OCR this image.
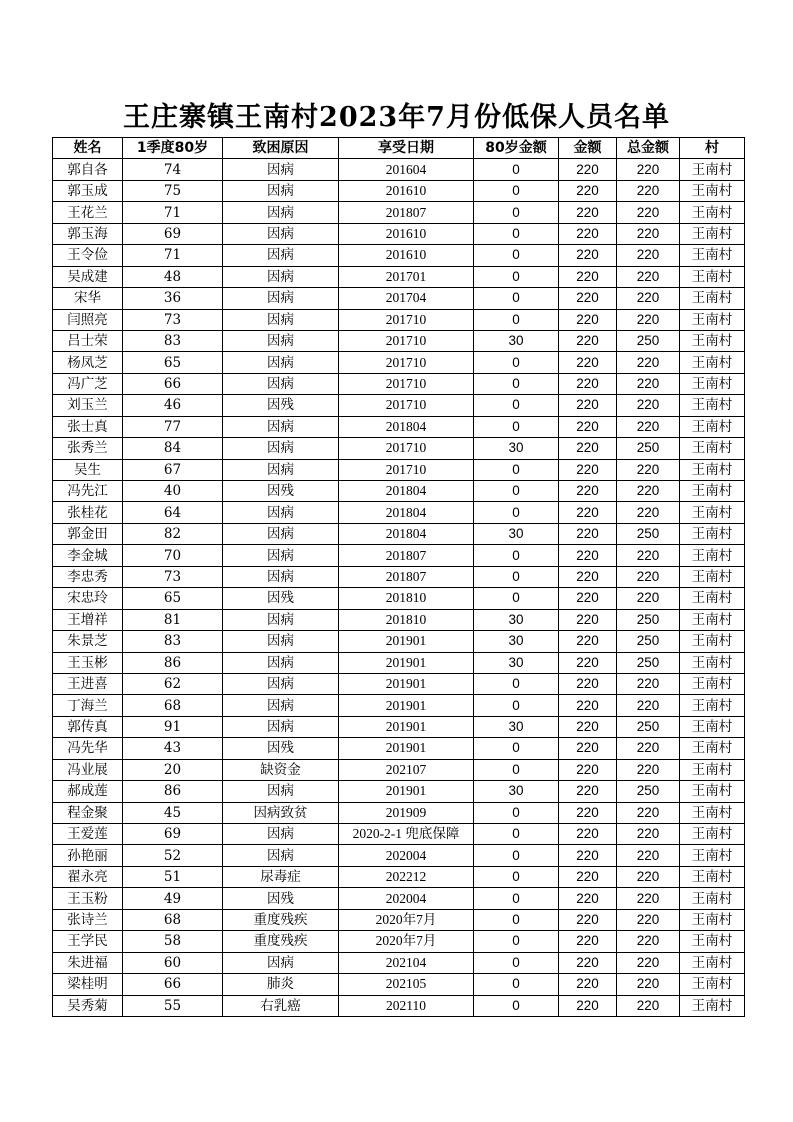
王庄寨镇王南村2023年7月份低保人员名单
姓名	1季度80岁	致困原因	享受日期	80岁金额	金额	总金额	村
郭自各	74	因病	201604	0	220	220	王南村
郭玉成	75	因病	201610	0	220	220	王南村
王花兰	71	因病	201807	0	220	220	王南村
郭玉海	69	因病	201610	0	220	220	王南村
王令俭	71	因病	201610	0	220	220	王南村
吴成建	48	因病	201701	0	220	220	王南村
宋华	36	因病	201704	0	220	220	王南村
闫照亮	73	因病	201710	0	220	220	王南村
吕士荣	83	因病	201710	30	220	250	王南村
杨凤芝	65	因病	201710	0	220	220	王南村
冯广芝	66	因病	201710	0	220	220	王南村
刘玉兰	46	因残	201710	0	220	220	王南村
张士真	77	因病	201804	0	220	220	王南村
张秀兰	84	因病	201710	30	220	250	王南村
吴生	67	因病	201710	0	220	220	王南村
冯先江	40	因残	201804	0	220	220	王南村
张桂花	64	因病	201804	0	220	220	王南村
郭金田	82	因病	201804	30	220	250	王南村
李金城	70	因病	201807	0	220	220	王南村
李忠秀	73	因病	201807	0	220	220	王南村
宋忠玲	65	因残	201810	0	220	220	王南村
王增祥	81	因病	201810	30	220	250	王南村
朱景芝	83	因病	201901	30	220	250	王南村
王玉彬	86	因病	201901	30	220	250	王南村
王进喜	62	因病	201901	0	220	220	王南村
丁海兰	68	因病	201901	0	220	220	王南村
郭传真	91	因病	201901	30	220	250	王南村
冯先华	43	因残	201901	0	220	220	王南村
冯业展	20	缺资金	202107	0	220	220	王南村
郝成莲	86	因病	201901	30	220	250	王南村
程金聚	45	因病致贫	201909	0	220	220	王南村
王爱莲	69	因病	2020-2-1 兜底保障	0	220	220	王南村
孙艳丽	52	因病	202004	0	220	220	王南村
翟永亮	51	尿毒症	202212	0	220	220	王南村
王玉粉	49	因残	202004	0	220	220	王南村
张诗兰	68	重度残疾	2020年7月	0	220	220	王南村
王学民	58	重度残疾	2020年7月	0	220	220	王南村
朱进福	60	因病	202104	0	220	220	王南村
梁桂明	66	肺炎	202105	0	220	220	王南村
吴秀菊	55	右乳癌	202110	0	220	220	王南村
